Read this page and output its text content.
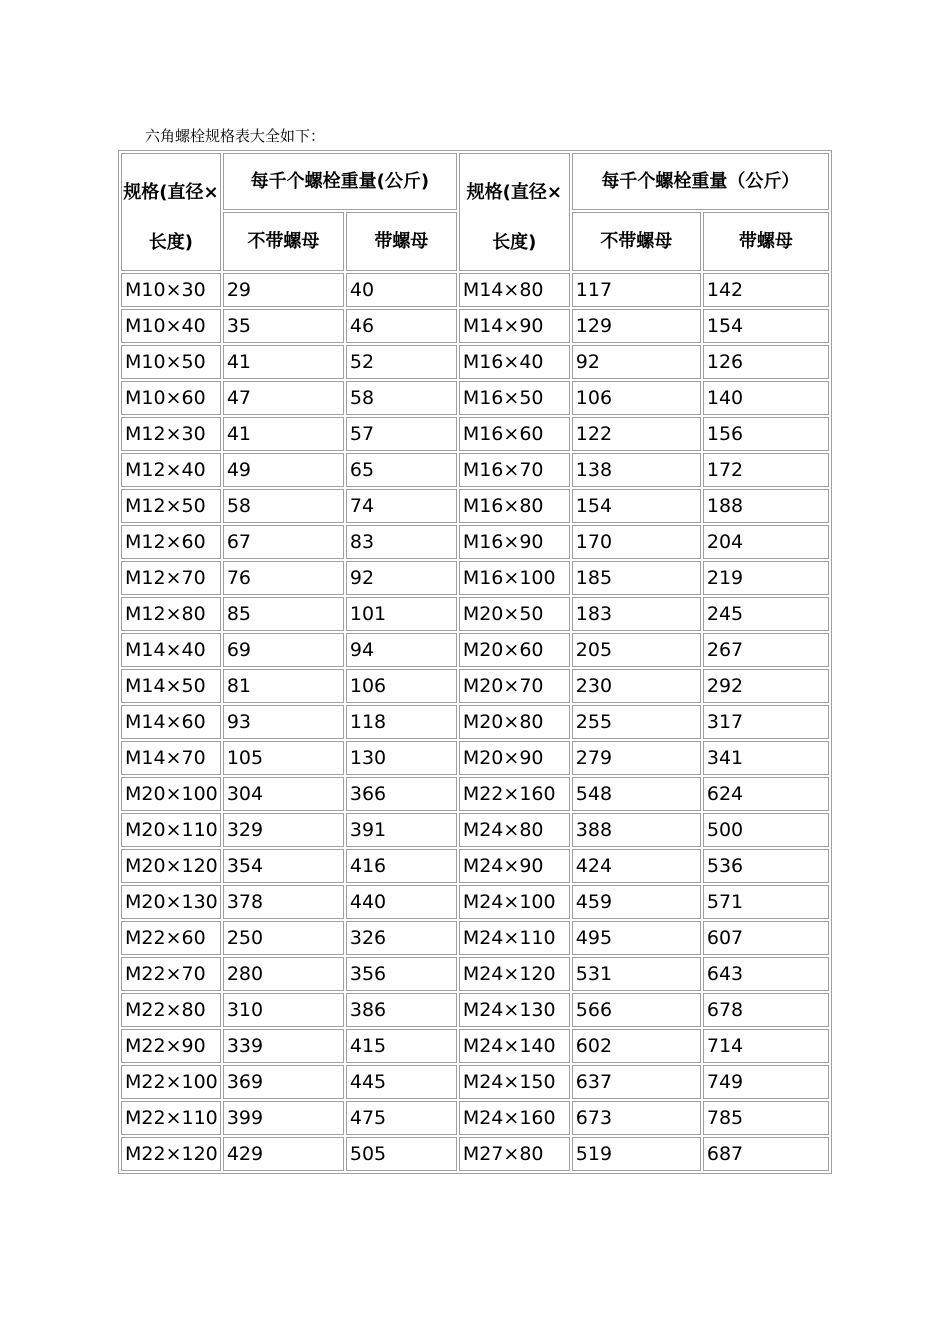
六角螺栓规格表大全如下：
规格(直径×长度)	每千个螺栓重量(公斤)		规格(直径×长度)	每千个螺栓重量（公斤）	
	不带螺母	带螺母		不带螺母	带螺母
M10×30	29	40	M14×80	117	142
M10×40	35	46	M14×90	129	154
M10×50	41	52	M16×40	92	126
M10×60	47	58	M16×50	106	140
M12×30	41	57	M16×60	122	156
M12×40	49	65	M16×70	138	172
M12×50	58	74	M16×80	154	188
M12×60	67	83	M16×90	170	204
M12×70	76	92	M16×100	185	219
M12×80	85	101	M20×50	183	245
M14×40	69	94	M20×60	205	267
M14×50	81	106	M20×70	230	292
M14×60	93	118	M20×80	255	317
M14×70	105	130	M20×90	279	341
M20×100	304	366	M22×160	548	624
M20×110	329	391	M24×80	388	500
M20×120	354	416	M24×90	424	536
M20×130	378	440	M24×100	459	571
M22×60	250	326	M24×110	495	607
M22×70	280	356	M24×120	531	643
M22×80	310	386	M24×130	566	678
M22×90	339	415	M24×140	602	714
M22×100	369	445	M24×150	637	749
M22×110	399	475	M24×160	673	785
M22×120	429	505	M27×80	519	687
